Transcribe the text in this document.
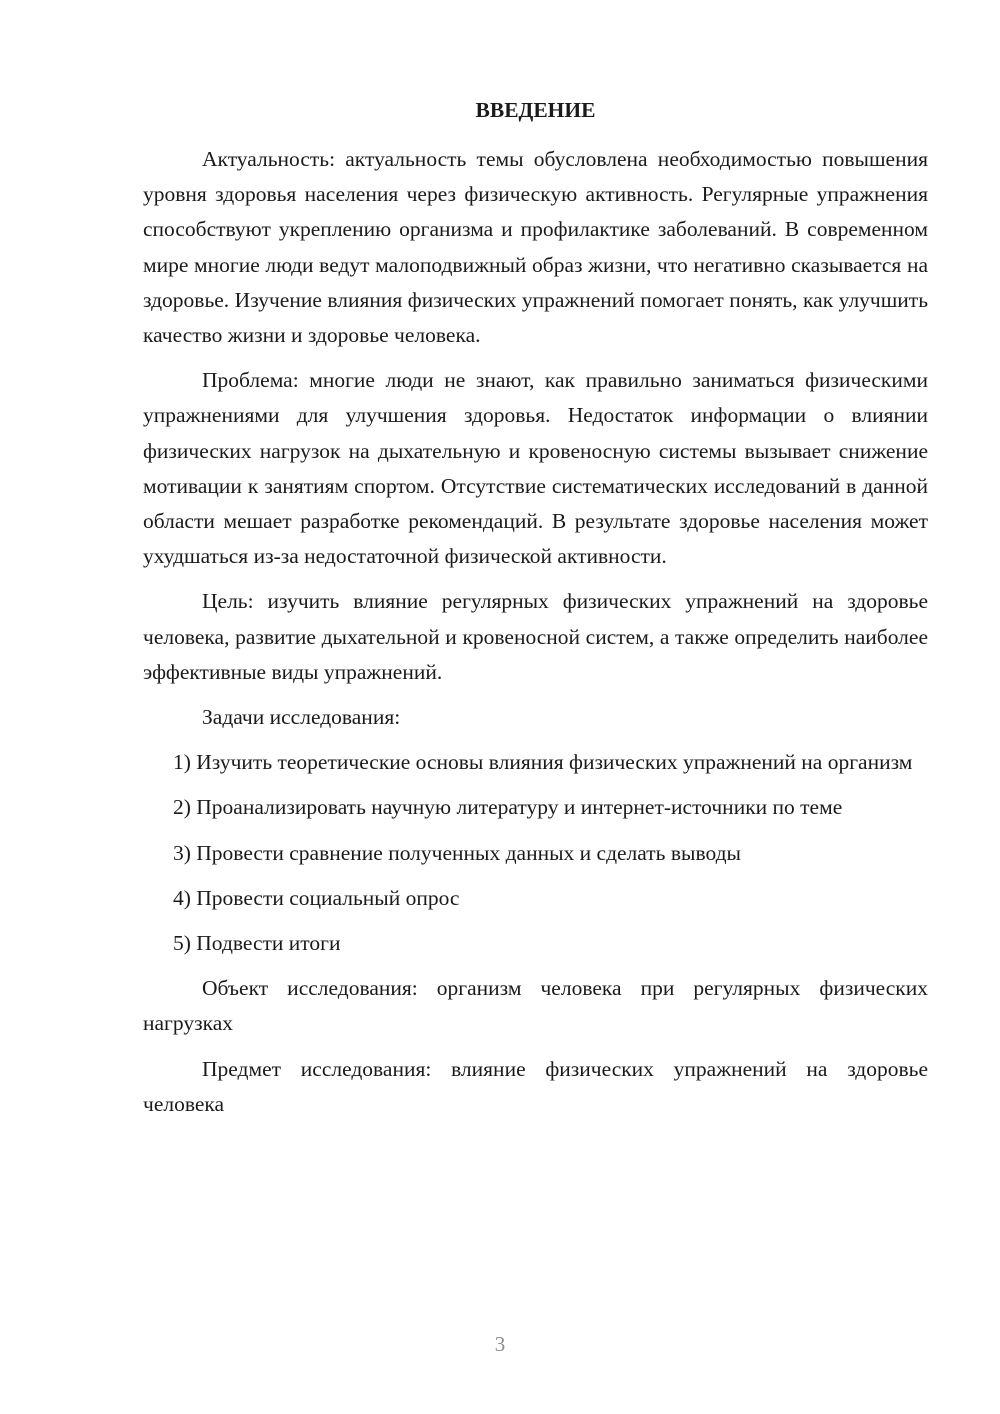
ВВЕДЕНИЕ

Актуальность: актуальность темы обусловлена необходимостью повышения уровня здоровья населения через физическую активность. Регулярные упражнения способствуют укреплению организма и профилактике заболеваний. В современном мире многие люди ведут малоподвижный образ жизни, что негативно сказывается на здоровье. Изучение влияния физических упражнений помогает понять, как улучшить качество жизни и здоровье человека.

Проблема: многие люди не знают, как правильно заниматься физическими упражнениями для улучшения здоровья. Недостаток информации о влиянии физических нагрузок на дыхательную и кровеносную системы вызывает снижение мотивации к занятиям спортом. Отсутствие систематических исследований в данной области мешает разработке рекомендаций. В результате здоровье населения может ухудшаться из-за недостаточной физической активности.

Цель: изучить влияние регулярных физических упражнений на здоровье человека, развитие дыхательной и кровеносной систем, а также определить наиболее эффективные виды упражнений.

Задачи исследования:

1) Изучить теоретические основы влияния физических упражнений на организм

2) Проанализировать научную литературу и интернет-источники по теме

3) Провести сравнение полученных данных и сделать выводы

4) Провести социальный опрос

5) Подвести итоги

Объект исследования: организм человека при регулярных физических нагрузках

Предмет исследования: влияние физических упражнений на здоровье человека

3
